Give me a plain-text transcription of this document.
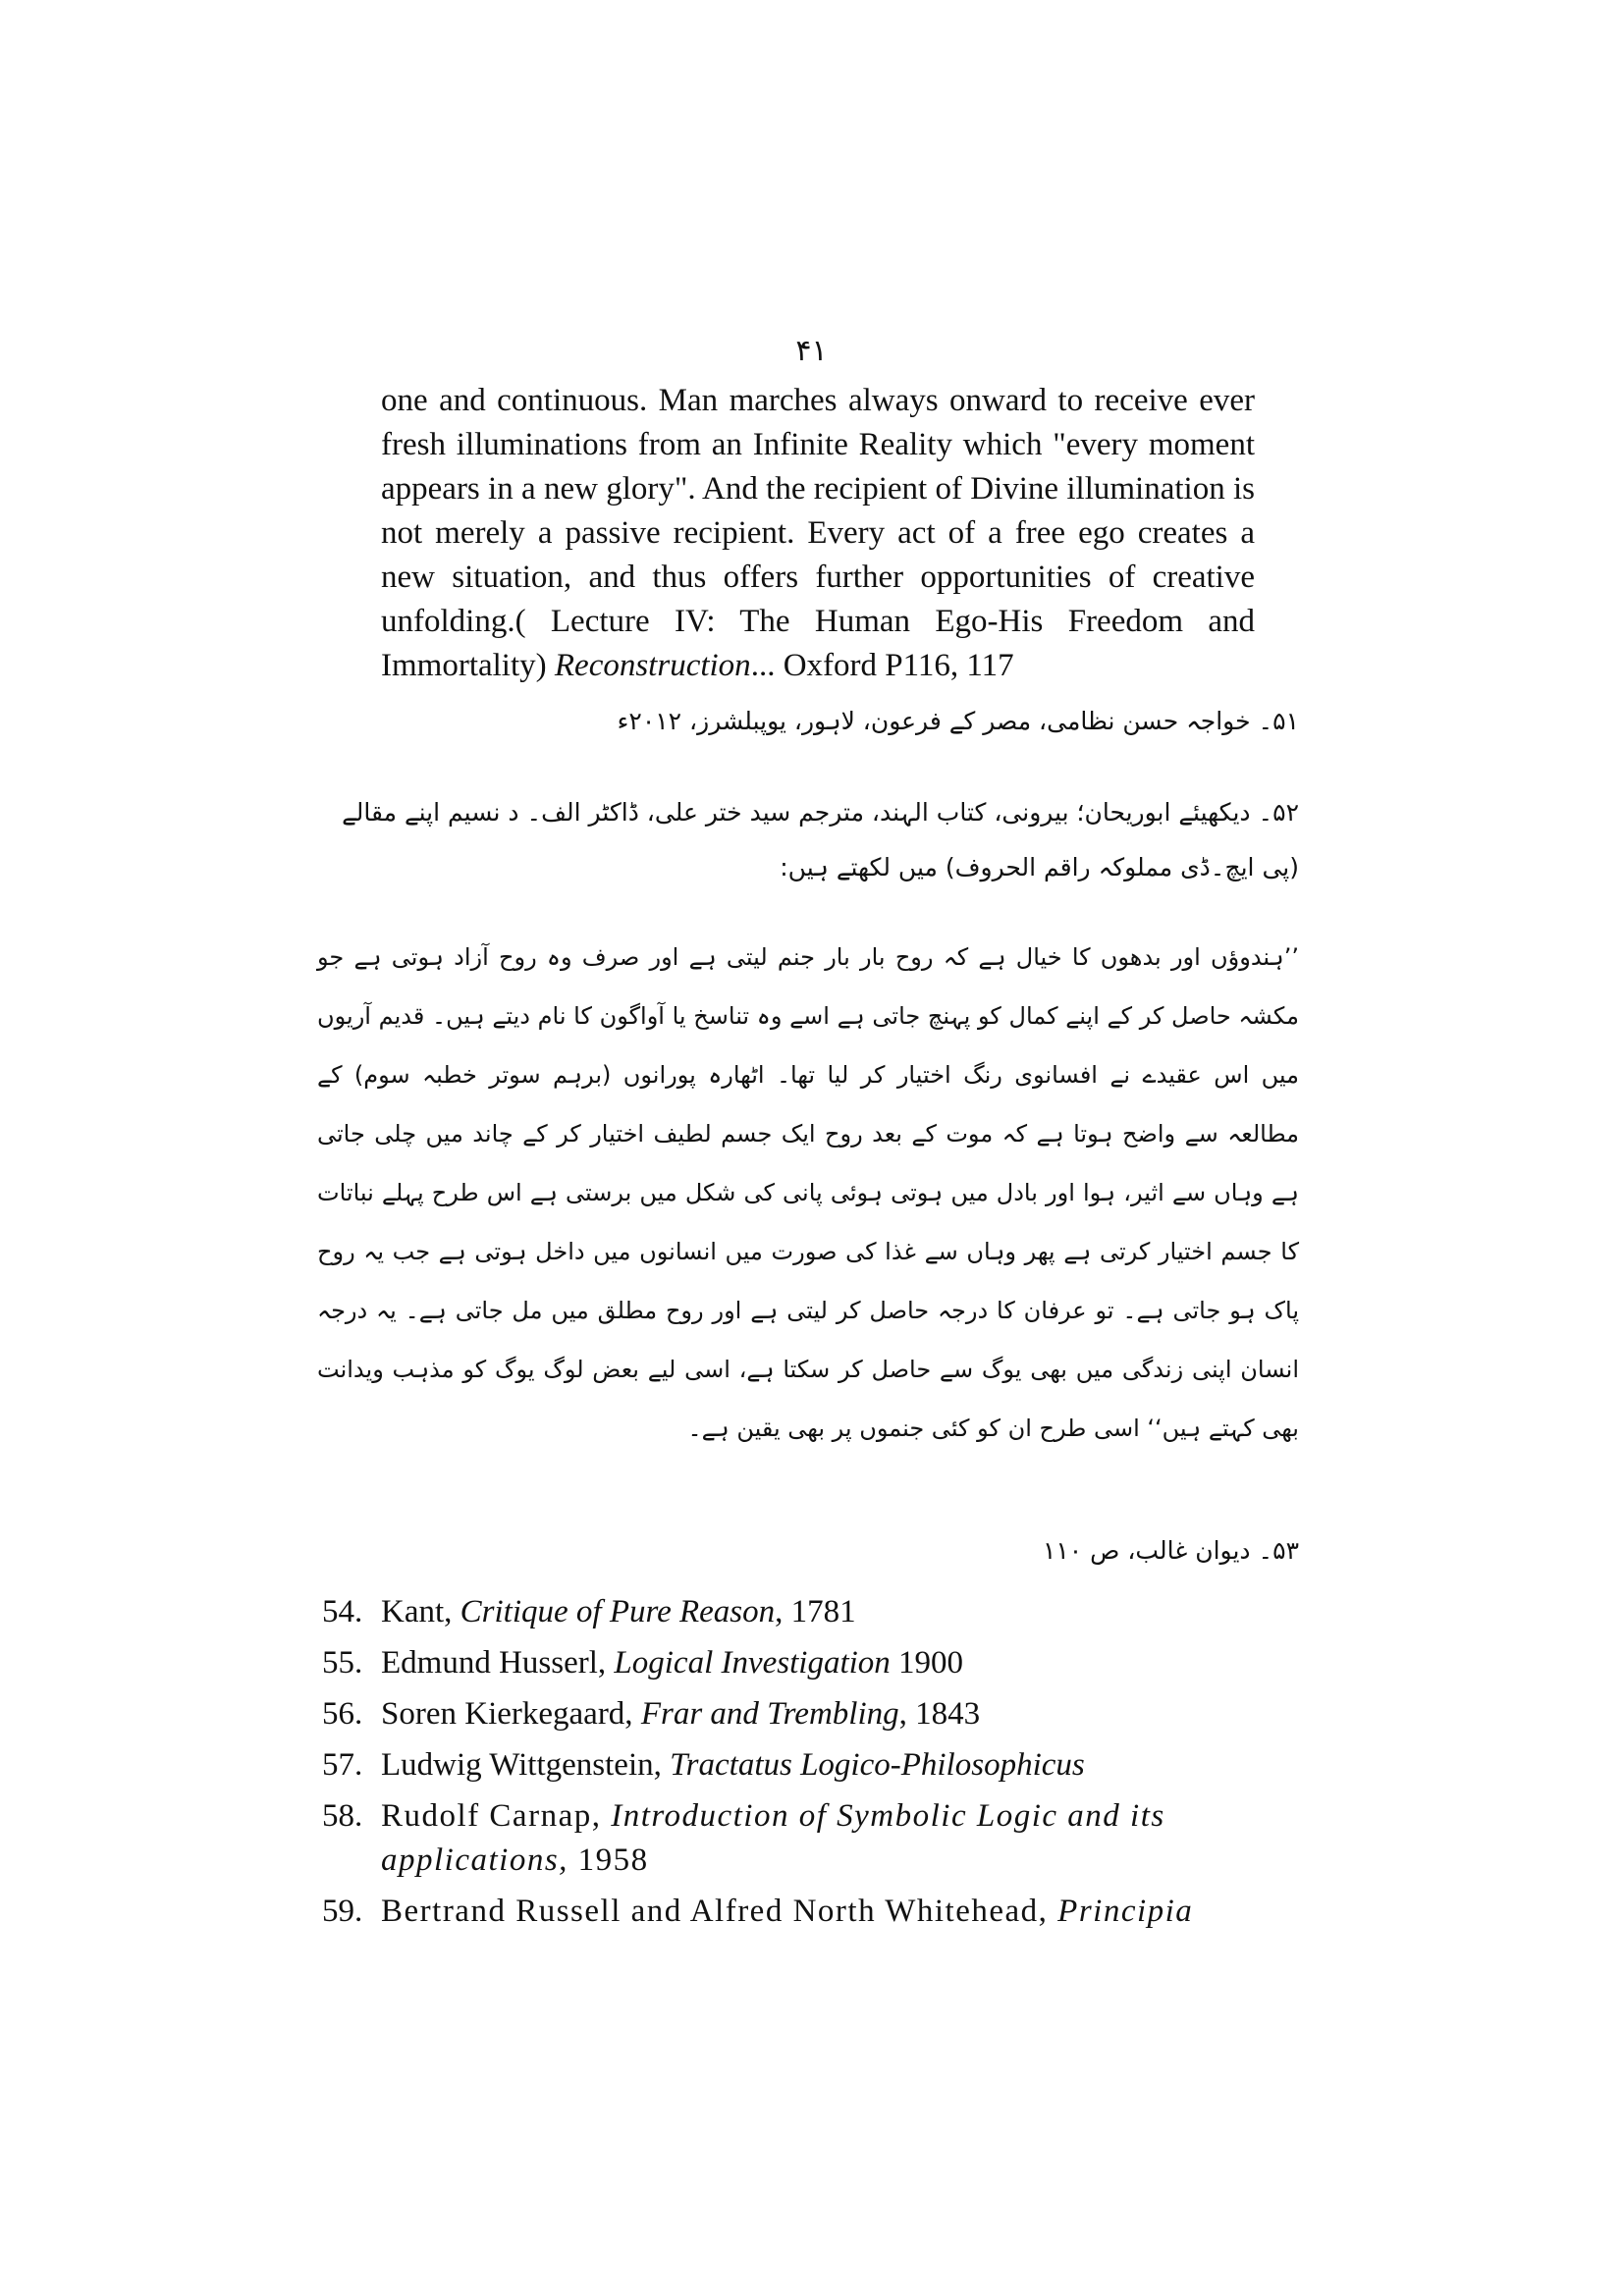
۴۱

one and continuous. Man marches always onward to receive ever fresh illuminations from an Infinite Reality which "every moment appears in a new glory". And the recipient of Divine illumination is not merely a passive recipient. Every act of a free ego creates a new situation, and thus offers further opportunities of creative unfolding.( Lecture IV: The Human Ego-His Freedom and Immortality) Reconstruction... Oxford P116, 117

۵۱۔ خواجہ حسن نظامی، مصر کے فرعون، لاہور، یوپبلشرز، ۲۰۱۲ء
۵۲۔ دیکھیئے ابوریحان؛ بیرونی، کتاب الہند، مترجم سید ختر علی، ڈاکٹر الف۔ د نسیم اپنے مقالے (پی ایچ۔ڈی مملوکہ راقم الحروف) میں لکھتے ہیں:
’’ہندوؤں اور بدھوں کا خیال ہے کہ روح بار بار جنم لیتی ہے اور صرف وہ روح آزاد ہوتی ہے جو مکشہ حاصل کر کے اپنے کمال کو پہنچ جاتی ہے اسے وہ تناسخ یا آواگون کا نام دیتے ہیں۔ قدیم آریوں میں اس عقیدے نے افسانوی رنگ اختیار کر لیا تھا۔ اٹھارہ پورانوں (برہم سوتر خطبہ سوم) کے مطالعہ سے واضح ہوتا ہے کہ موت کے بعد روح ایک جسم لطیف اختیار کر کے چاند میں چلی جاتی ہے وہاں سے اثیر، ہوا اور بادل میں ہوتی ہوئی پانی کی شکل میں برستی ہے اس طرح پہلے نباتات کا جسم اختیار کرتی ہے پھر وہاں سے غذا کی صورت میں انسانوں میں داخل ہوتی ہے جب یہ روح پاک ہو جاتی ہے۔ تو عرفان کا درجہ حاصل کر لیتی ہے اور روح مطلق میں مل جاتی ہے۔ یہ درجہ انسان اپنی زندگی میں بھی یوگ سے حاصل کر سکتا ہے، اسی لیے بعض لوگ یوگ کو مذہب ویدانت بھی کہتے ہیں‘‘ اسی طرح ان کو کئی جنموں پر بھی یقین ہے۔
۵۳۔ دیوان غالب، ص ۱۱۰
54. Kant, Critique of Pure Reason, 1781
55. Edmund Husserl, Logical Investigation 1900
56. Soren Kierkegaard, Frar and Trembling, 1843
57. Ludwig Wittgenstein, Tractatus Logico-Philosophicus
58. Rudolf Carnap, Introduction of Symbolic Logic and its applications, 1958
59. Bertrand Russell and Alfred North Whitehead, Principia
